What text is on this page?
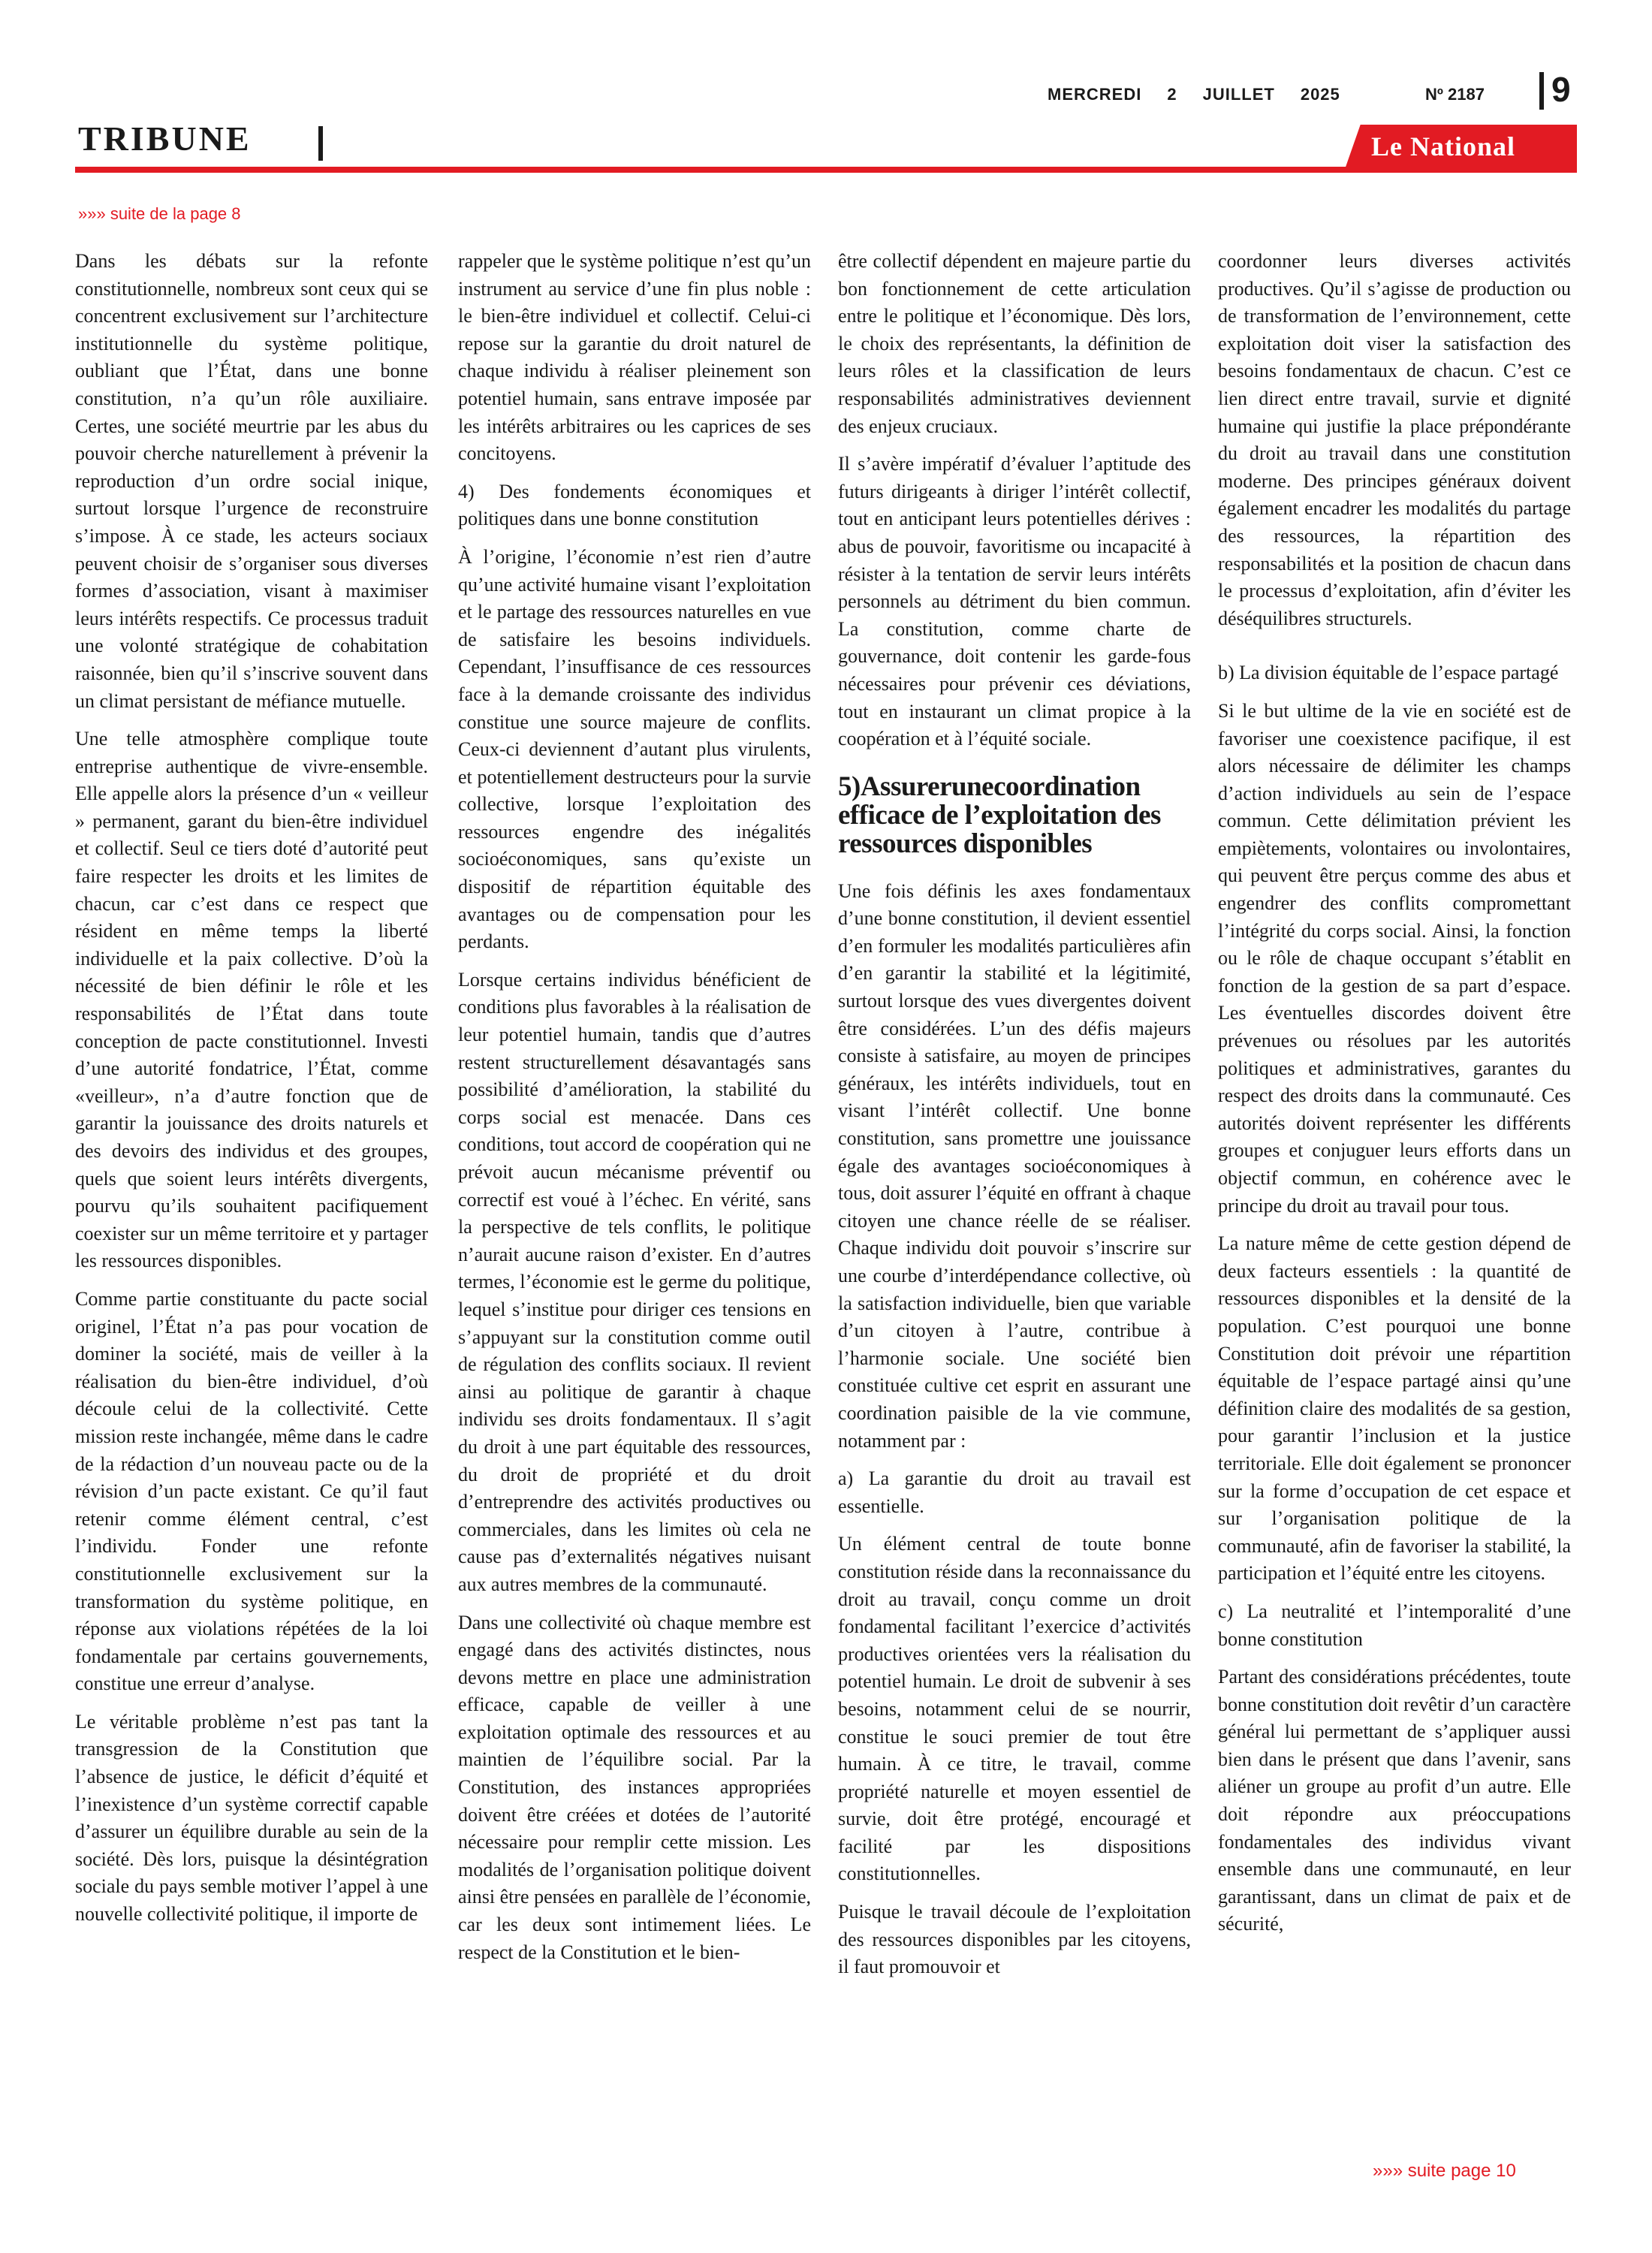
MERCREDI 2 JUILLET 2025	Nº 2187 9
TRIBUNE	Le National
»»» suite de la page 8

Dans les débats sur la refonte constitutionnelle, nombreux sont ceux qui se concentrent exclusivement sur l’architecture institutionnelle du système politique, oubliant que l’État, dans une bonne constitution, n’a qu’un rôle auxiliaire. Certes, une société meurtrie par les abus du pouvoir cherche naturellement à prévenir la reproduction d’un ordre social inique, surtout lorsque l’urgence de reconstruire s’impose. À ce stade, les acteurs sociaux peuvent choisir de s’organiser sous diverses formes d’association, visant à maximiser leurs intérêts respectifs. Ce processus traduit une volonté stratégique de cohabitation raisonnée, bien qu’il s’inscrive souvent dans un climat persistant de méfiance mutuelle.

Une telle atmosphère complique toute entreprise authentique de vivre-ensemble. Elle appelle alors la présence d’un « veilleur » permanent, garant du bien-être individuel et collectif. Seul ce tiers doté d’autorité peut faire respecter les droits et les limites de chacun, car c’est dans ce respect que résident en même temps la liberté individuelle et la paix collective. D’où la nécessité de bien définir le rôle et les responsabilités de l’État dans toute conception de pacte constitutionnel. Investi d’une autorité fondatrice, l’État, comme «veilleur», n’a d’autre fonction que de garantir la jouissance des droits naturels et des devoirs des individus et des groupes, quels que soient leurs intérêts divergents, pourvu qu’ils souhaitent pacifiquement coexister sur un même territoire et y partager les ressources disponibles.

Comme partie constituante du pacte social originel, l’État n’a pas pour vocation de dominer la société, mais de veiller à la réalisation du bien-être individuel, d’où découle celui de la collectivité. Cette mission reste inchangée, même dans le cadre de la rédaction d’un nouveau pacte ou de la révision d’un pacte existant. Ce qu’il faut retenir comme élément central, c’est l’individu. Fonder une refonte constitutionnelle exclusivement sur la transformation du système politique, en réponse aux violations répétées de la loi fondamentale par certains gouvernements, constitue une erreur d’analyse.

Le véritable problème n’est pas tant la transgression de la Constitution que l’absence de justice, le déficit d’équité et l’inexistence d’un système correctif capable d’assurer un équilibre durable au sein de la société. Dès lors, puisque la désintégration sociale du pays semble motiver l’appel à une nouvelle collectivité politique, il importe de

rappeler que le système politique n’est qu’un instrument au service d’une fin plus noble : le bien-être individuel et collectif. Celui-ci repose sur la garantie du droit naturel de chaque individu à réaliser pleinement son potentiel humain, sans entrave imposée par les intérêts arbitraires ou les caprices de ses concitoyens.

4) Des fondements économiques et politiques dans une bonne constitution

À l’origine, l’économie n’est rien d’autre qu’une activité humaine visant l’exploitation et le partage des ressources naturelles en vue de satisfaire les besoins individuels. Cependant, l’insuffisance de ces ressources face à la demande croissante des individus constitue une source majeure de conflits. Ceux-ci deviennent d’autant plus virulents, et potentiellement destructeurs pour la survie collective, lorsque l’exploitation des ressources engendre des inégalités socioéconomiques, sans qu’existe un dispositif de répartition équitable des avantages ou de compensation pour les perdants.

Lorsque certains individus bénéficient de conditions plus favorables à la réalisation de leur potentiel humain, tandis que d’autres restent structurellement désavantagés sans possibilité d’amélioration, la stabilité du corps social est menacée. Dans ces conditions, tout accord de coopération qui ne prévoit aucun mécanisme préventif ou correctif est voué à l’échec. En vérité, sans la perspective de tels conflits, le politique n’aurait aucune raison d’exister. En d’autres termes, l’économie est le germe du politique, lequel s’institue pour diriger ces tensions en s’appuyant sur la constitution comme outil de régulation des conflits sociaux. Il revient ainsi au politique de garantir à chaque individu ses droits fondamentaux. Il s’agit du droit à une part équitable des ressources, du droit de propriété et du droit d’entreprendre des activités productives ou commerciales, dans les limites où cela ne cause pas d’externalités négatives nuisant aux autres membres de la communauté.

Dans une collectivité où chaque membre est engagé dans des activités distinctes, nous devons mettre en place une administration efficace, capable de veiller à une exploitation optimale des ressources et au maintien de l’équilibre social. Par la Constitution, des instances appropriées doivent être créées et dotées de l’autorité nécessaire pour remplir cette mission. Les modalités de l’organisation politique doivent ainsi être pensées en parallèle de l’économie, car les deux sont intimement liées. Le respect de la Constitution et le bien-

être collectif dépendent en majeure partie du bon fonctionnement de cette articulation entre le politique et l’économique. Dès lors, le choix des représentants, la définition de leurs rôles et la classification de leurs responsabilités administratives deviennent des enjeux cruciaux.

Il s’avère impératif d’évaluer l’aptitude des futurs dirigeants à diriger l’intérêt collectif, tout en anticipant leurs potentielles dérives : abus de pouvoir, favoritisme ou incapacité à résister à la tentation de servir leurs intérêts personnels au détriment du bien commun. La constitution, comme charte de gouvernance, doit contenir les garde-fous nécessaires pour prévenir ces déviations, tout en instaurant un climat propice à la coopération et à l’équité sociale.

5)Assurerunecoordination efficace de l’exploitation des ressources disponibles

Une fois définis les axes fondamentaux d’une bonne constitution, il devient essentiel d’en formuler les modalités particulières afin d’en garantir la stabilité et la légitimité, surtout lorsque des vues divergentes doivent être considérées. L’un des défis majeurs consiste à satisfaire, au moyen de principes généraux, les intérêts individuels, tout en visant l’intérêt collectif. Une bonne constitution, sans promettre une jouissance égale des avantages socioéconomiques à tous, doit assurer l’équité en offrant à chaque citoyen une chance réelle de se réaliser. Chaque individu doit pouvoir s’inscrire sur une courbe d’interdépendance collective, où la satisfaction individuelle, bien que variable d’un citoyen à l’autre, contribue à l’harmonie sociale. Une société bien constituée cultive cet esprit en assurant une coordination paisible de la vie commune, notamment par :

a) La garantie du droit au travail est essentielle.

Un élément central de toute bonne constitution réside dans la reconnaissance du droit au travail, conçu comme un droit fondamental facilitant l’exercice d’activités productives orientées vers la réalisation du potentiel humain. Le droit de subvenir à ses besoins, notamment celui de se nourrir, constitue le souci premier de tout être humain. À ce titre, le travail, comme propriété naturelle et moyen essentiel de survie, doit être protégé, encouragé et facilité par les dispositions constitutionnelles.

Puisque le travail découle de l’exploitation des ressources disponibles par les citoyens, il faut promouvoir et

coordonner leurs diverses activités productives. Qu’il s’agisse de production ou de transformation de l’environnement, cette exploitation doit viser la satisfaction des besoins fondamentaux de chacun. C’est ce lien direct entre travail, survie et dignité humaine qui justifie la place prépondérante du droit au travail dans une constitution moderne. Des principes généraux doivent également encadrer les modalités du partage des ressources, la répartition des responsabilités et la position de chacun dans le processus d’exploitation, afin d’éviter les déséquilibres structurels.

b) La division équitable de l’espace partagé

Si le but ultime de la vie en société est de favoriser une coexistence pacifique, il est alors nécessaire de délimiter les champs d’action individuels au sein de l’espace commun. Cette délimitation prévient les empiètements, volontaires ou involontaires, qui peuvent être perçus comme des abus et engendrer des conflits compromettant l’intégrité du corps social. Ainsi, la fonction ou le rôle de chaque occupant s’établit en fonction de la gestion de sa part d’espace. Les éventuelles discordes doivent être prévenues ou résolues par les autorités politiques et administratives, garantes du respect des droits dans la communauté. Ces autorités doivent représenter les différents groupes et conjuguer leurs efforts dans un objectif commun, en cohérence avec le principe du droit au travail pour tous.

La nature même de cette gestion dépend de deux facteurs essentiels : la quantité de ressources disponibles et la densité de la population. C’est pourquoi une bonne Constitution doit prévoir une répartition équitable de l’espace partagé ainsi qu’une définition claire des modalités de sa gestion, pour garantir l’inclusion et la justice territoriale. Elle doit également se prononcer sur la forme d’occupation de cet espace et sur l’organisation politique de la communauté, afin de favoriser la stabilité, la participation et l’équité entre les citoyens.

c) La neutralité et l’intemporalité d’une bonne constitution

Partant des considérations précédentes, toute bonne constitution doit revêtir d’un caractère général lui permettant de s’appliquer aussi bien dans le présent que dans l’avenir, sans aliéner un groupe au profit d’un autre. Elle doit répondre aux préoccupations fondamentales des individus vivant ensemble dans une communauté, en leur garantissant, dans un climat de paix et de sécurité,

»»» suite page 10
